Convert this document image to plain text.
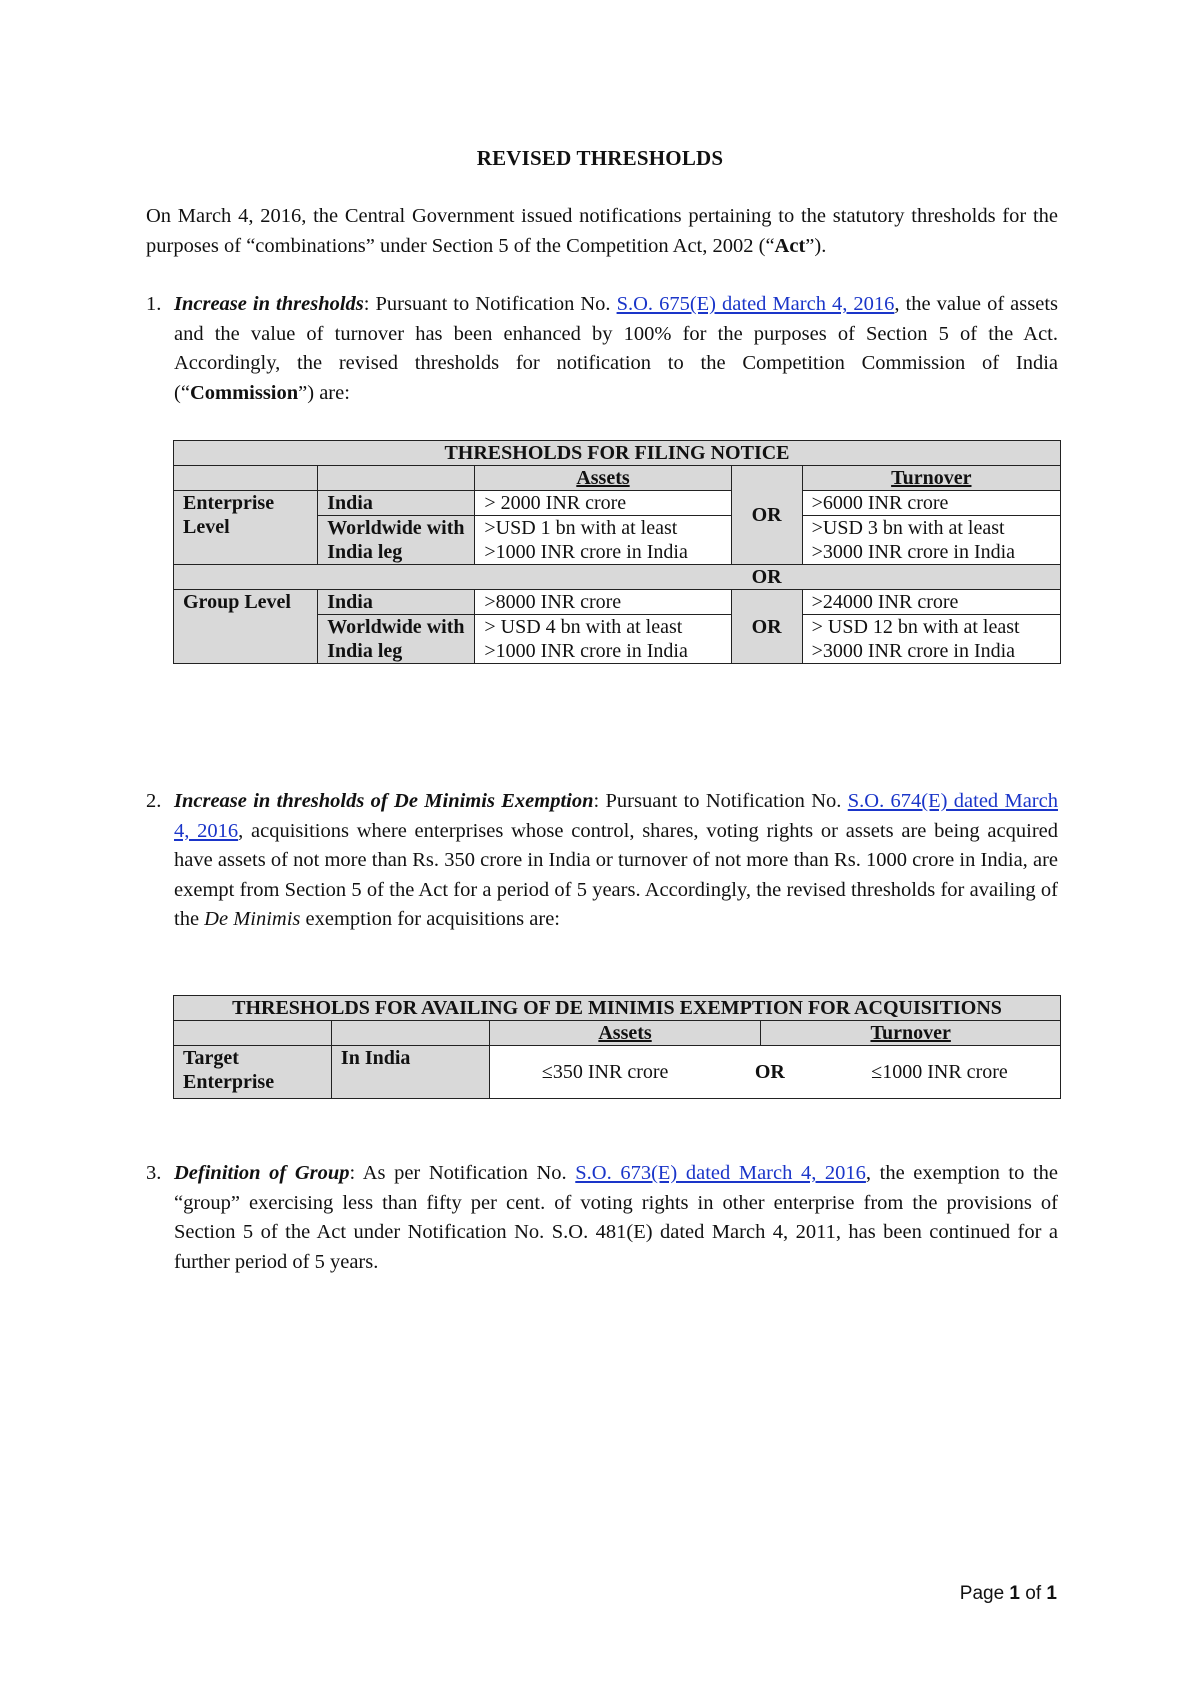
REVISED THRESHOLDS
On March 4, 2016, the Central Government issued notifications pertaining to the statutory thresholds for the purposes of “combinations” under Section 5 of the Competition Act, 2002 (“Act”).
1. Increase in thresholds: Pursuant to Notification No. S.O. 675(E) dated March 4, 2016, the value of assets and the value of turnover has been enhanced by 100% for the purposes of Section 5 of the Act. Accordingly, the revised thresholds for notification to the Competition Commission of India (“Commission”) are:
THRESHOLDS FOR FILING NOTICE				
		Assets	OR	Turnover
Enterprise Level	India	> 2000 INR crore		>6000 INR crore
	Worldwide with India leg	>USD 1 bn with at least >1000 INR crore in India		>USD 3 bn with at least >3000 INR crore in India
			OR	
Group Level	India	>8000 INR crore	OR	>24000 INR crore
	Worldwide with India leg	> USD 4 bn with at least >1000 INR crore in India		> USD 12 bn with at least >3000 INR crore in India
2. Increase in thresholds of De Minimis Exemption: Pursuant to Notification No. S.O. 674(E) dated March 4, 2016, acquisitions where enterprises whose control, shares, voting rights or assets are being acquired have assets of not more than Rs. 350 crore in India or turnover of not more than Rs. 1000 crore in India, are exempt from Section 5 of the Act for a period of 5 years. Accordingly, the revised thresholds for availing of the De Minimis exemption for acquisitions are:
THRESHOLDS FOR AVAILING OF DE MINIMIS EXEMPTION FOR ACQUISITIONS			
		Assets	Turnover
Target Enterprise	In India	≤350 INR crore OR ≤1000 INR crore	
3. Definition of Group: As per Notification No. S.O. 673(E) dated March 4, 2016, the exemption to the “group” exercising less than fifty per cent. of voting rights in other enterprise from the provisions of Section 5 of the Act under Notification No. S.O. 481(E) dated March 4, 2011, has been continued for a further period of 5 years.
Page 1 of 1
